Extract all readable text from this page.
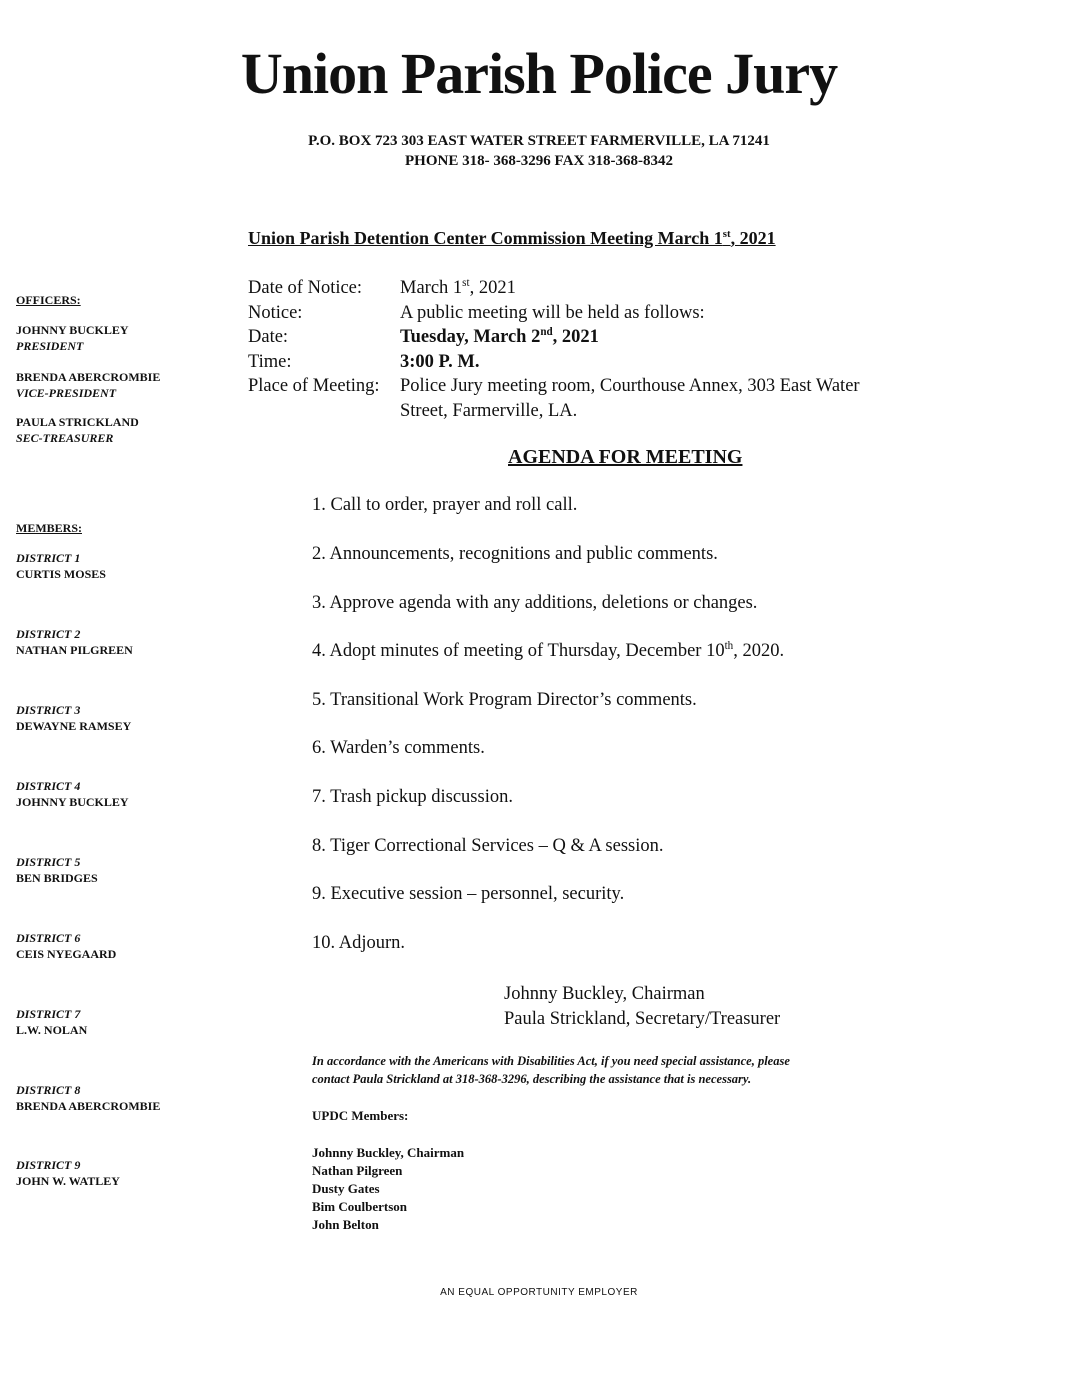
Union Parish Police Jury
P.O. BOX 723 303 EAST WATER STREET FARMERVILLE, LA 71241
PHONE 318- 368-3296 FAX 318-368-8342
Union Parish Detention Center Commission Meeting March 1st, 2021
OFFICERS:
JOHNNY BUCKLEY
PRESIDENT
BRENDA ABERCROMBIE
VICE-PRESIDENT
PAULA STRICKLAND
SEC-TREASURER
MEMBERS:
DISTRICT 1
CURTIS MOSES
DISTRICT 2
NATHAN PILGREEN
DISTRICT 3
DEWAYNE RAMSEY
DISTRICT 4
JOHNNY BUCKLEY
DISTRICT 5
BEN BRIDGES
DISTRICT 6
CEIS NYEGAARD
DISTRICT 7
L.W. NOLAN
DISTRICT 8
BRENDA ABERCROMBIE
DISTRICT 9
JOHN W. WATLEY
Date of Notice:	March 1st, 2021
Notice:	A public meeting will be held as follows:
Date:	Tuesday, March 2nd, 2021
Time:	3:00 P. M.
Place of Meeting:	Police Jury meeting room, Courthouse Annex, 303 East Water
Street, Farmerville, LA.
AGENDA FOR MEETING
1. Call to order, prayer and roll call.
2. Announcements, recognitions and public comments.
3. Approve agenda with any additions, deletions or changes.
4. Adopt minutes of meeting of Thursday, December 10th, 2020.
5. Transitional Work Program Director’s comments.
6. Warden’s comments.
7. Trash pickup discussion.
8. Tiger Correctional Services – Q & A session.
9. Executive session – personnel, security.
10. Adjourn.
Johnny Buckley, Chairman
Paula Strickland, Secretary/Treasurer
In accordance with the Americans with Disabilities Act, if you need special assistance, please
contact Paula Strickland at 318-368-3296, describing the assistance that is necessary.
UPDC Members:
Johnny Buckley, Chairman
Nathan Pilgreen
Dusty Gates
Bim Coulbertson
John Belton
AN EQUAL OPPORTUNITY EMPLOYER
